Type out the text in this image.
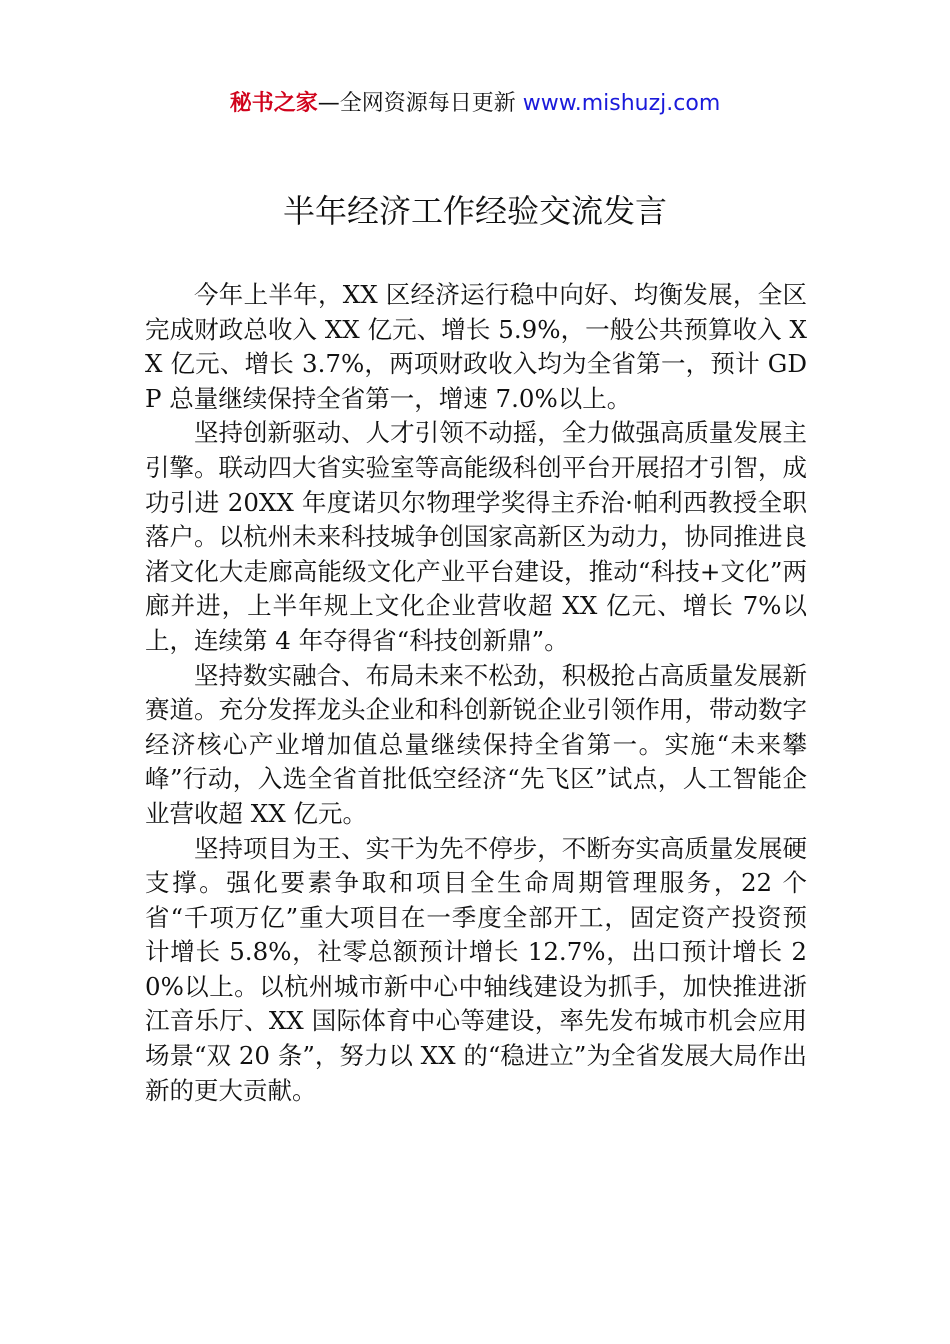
秘书之家—全网资源每日更新 www.mishuzj.com
半年经济工作经验交流发言

今年上半年，XX 区经济运行稳中向好、均衡发展，全区完成财政总收入 XX 亿元、增长 5.9%，一般公共预算收入 XX 亿元、增长 3.7%，两项财政收入均为全省第一，预计 GDP 总量继续保持全省第一，增速 7.0%以上。

坚持创新驱动、人才引领不动摇，全力做强高质量发展主引擎。联动四大省实验室等高能级科创平台开展招才引智，成功引进 20XX 年度诺贝尔物理学奖得主乔治·帕利西教授全职落户。以杭州未来科技城争创国家高新区为动力，协同推进良渚文化大走廊高能级文化产业平台建设，推动“科技+文化”两廊并进，上半年规上文化企业营收超 XX 亿元、增长 7%以上，连续第 4 年夺得省“科技创新鼎”。

坚持数实融合、布局未来不松劲，积极抢占高质量发展新赛道。充分发挥龙头企业和科创新锐企业引领作用，带动数字经济核心产业增加值总量继续保持全省第一。实施“未来攀峰”行动，入选全省首批低空经济“先飞区”试点，人工智能企业营收超 XX 亿元。

坚持项目为王、实干为先不停步，不断夯实高质量发展硬支撑。强化要素争取和项目全生命周期管理服务，22 个省“千项万亿”重大项目在一季度全部开工，固定资产投资预计增长 5.8%，社零总额预计增长 12.7%，出口预计增长 20%以上。以杭州城市新中心中轴线建设为抓手，加快推进浙江音乐厅、XX 国际体育中心等建设，率先发布城市机会应用场景“双 20 条”，努力以 XX 的“稳进立”为全省发展大局作出新的更大贡献。
